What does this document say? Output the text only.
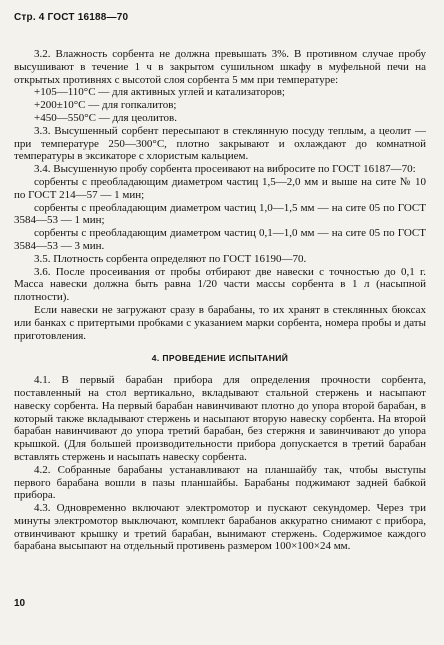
Стр. 4 ГОСТ 16188—70

3.2. Влажность сорбента не должна превышать 3%. В противном случае пробу высушивают в течение 1 ч в закрытом сушильном шкафу в муфельной печи на открытых противнях с высотой слоя сорбента 5 мм при температуре:

+105—110°С — для активных углей и катализаторов;

+200±10°С — для гопкалитов;

+450—550°С — для цеолитов.

3.3. Высушенный сорбент пересыпают в стеклянную посуду теплым, а цеолит — при температуре 250—300°С, плотно закрывают и охлаждают до комнатной температуры в эксикаторе с хлористым кальцием.

3.4. Высушенную пробу сорбента просеивают на вибросите по ГОСТ 16187—70:

сорбенты с преобладающим диаметром частиц 1,5—2,0 мм и выше на сите № 10 по ГОСТ 214—57 — 1 мин;

сорбенты с преобладающим диаметром частиц 1,0—1,5 мм — на сите 05 по ГОСТ 3584—53 — 1 мин;

сорбенты с преобладающим диаметром частиц 0,1—1,0 мм — на сите 05 по ГОСТ 3584—53 — 3 мин.

3.5. Плотность сорбента определяют по ГОСТ 16190—70.

3.6. После просеивания от пробы отбирают две навески с точностью до 0,1 г. Масса навески должна быть равна 1/20 части массы сорбента в 1 л (насыпной плотности).

Если навески не загружают сразу в барабаны, то их хранят в стеклянных бюксах или банках с притертыми пробками с указанием марки сорбента, номера пробы и даты приготовления.

4. ПРОВЕДЕНИЕ ИСПЫТАНИЙ

4.1. В первый барабан прибора для определения прочности сорбента, поставленный на стол вертикально, вкладывают стальной стержень и насыпают навеску сорбента. На первый барабан навинчивают плотно до упора второй барабан, в который также вкладывают стержень и насыпают вторую навеску сорбента. На второй барабан навинчивают до упора третий барабан, без стержня и завинчивают до упора крышкой. (Для большей производительности прибора допускается в третий барабан вставлять стержень и насыпать навеску сорбента.

4.2. Собранные барабаны устанавливают на планшайбу так, чтобы выступы первого барабана вошли в пазы планшайбы. Барабаны поджимают задней бабкой прибора.

4.3. Одновременно включают электромотор и пускают секундомер. Через три минуты электромотор выключают, комплект барабанов аккуратно снимают с прибора, отвинчивают крышку и третий барабан, вынимают стержень. Содержимое каждого барабана высыпают на отдельный противень размером 100×100×24 мм.

10
